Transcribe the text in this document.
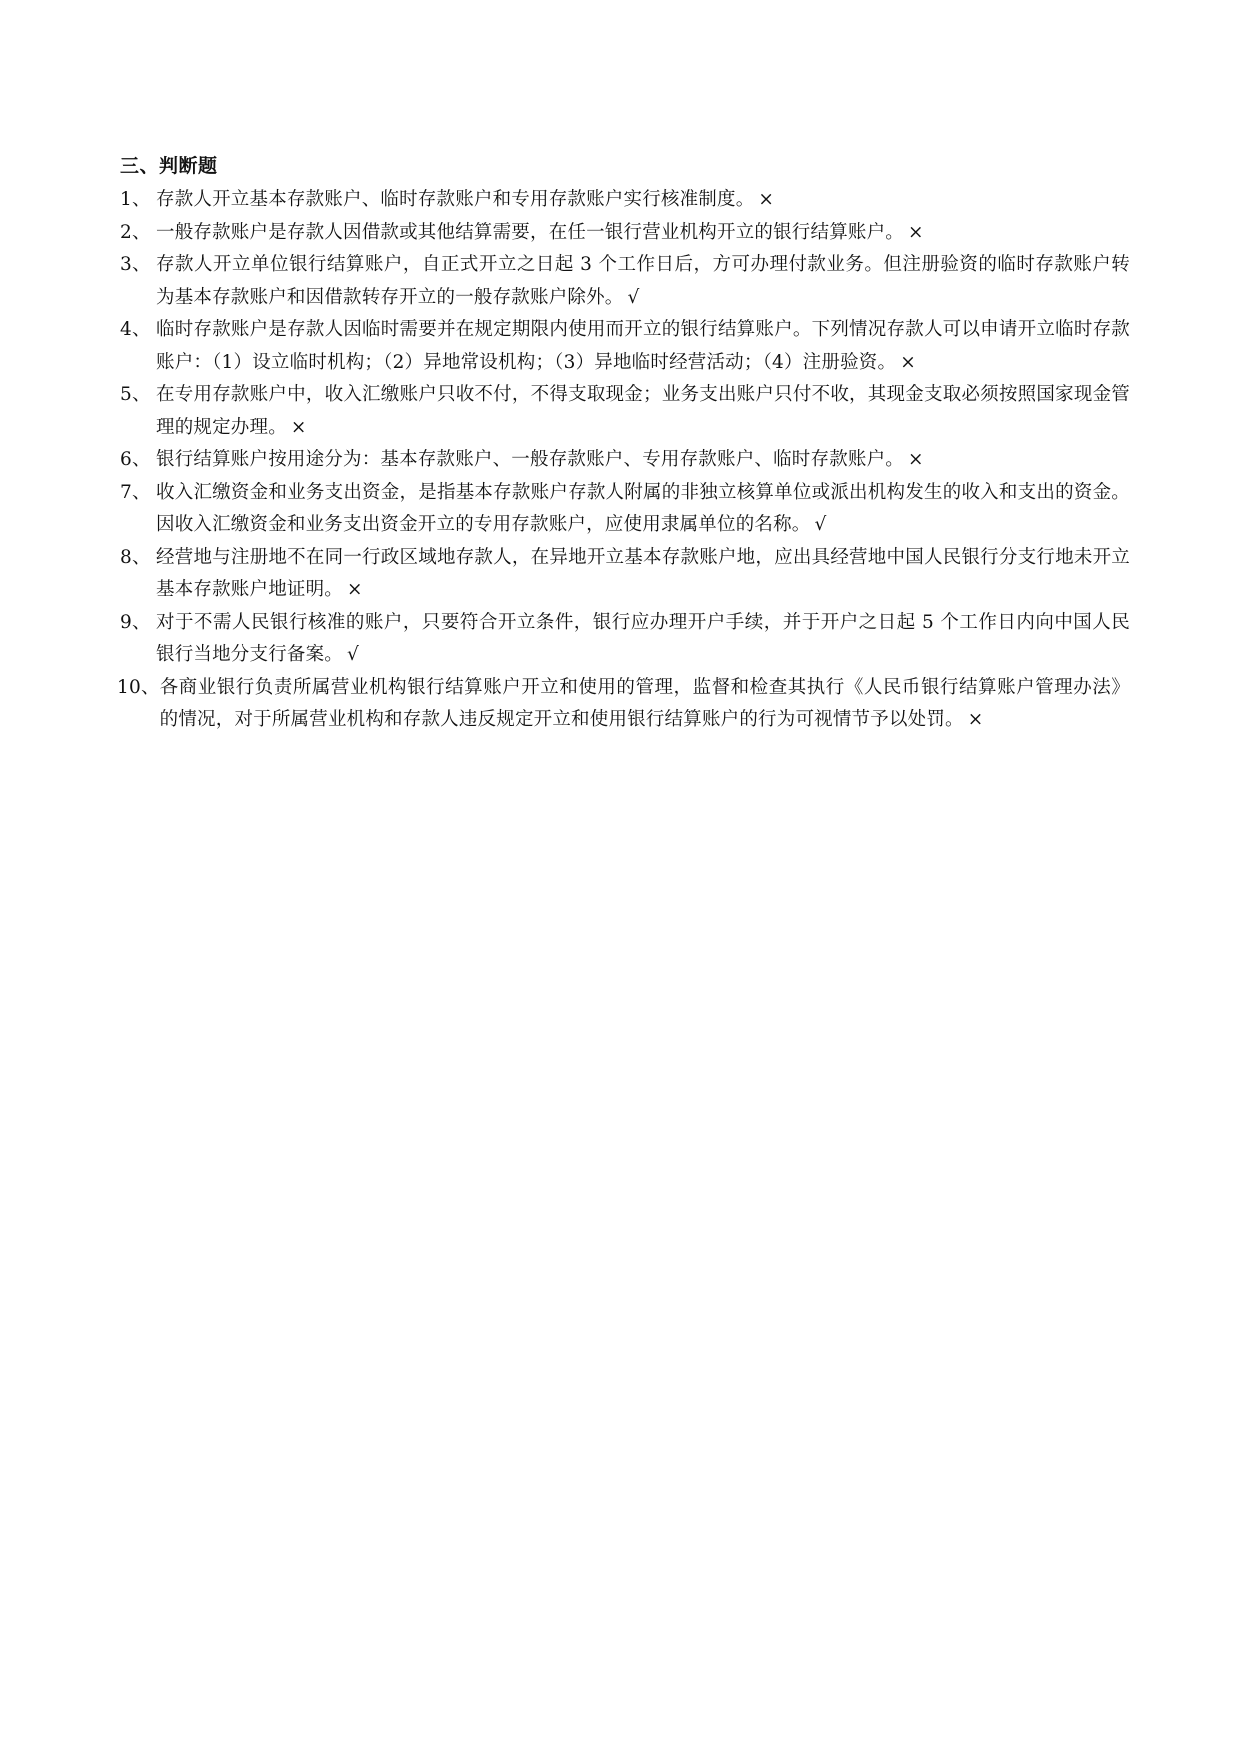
三、判断题
1、 存款人开立基本存款账户、临时存款账户和专用存款账户实行核准制度。 ×
2、 一般存款账户是存款人因借款或其他结算需要，在任一银行营业机构开立的银行结算账户。 ×
3、 存款人开立单位银行结算账户，自正式开立之日起 3 个工作日后，方可办理付款业务。但注册验资的临时存款账户转为基本存款账户和因借款转存开立的一般存款账户除外。 √
4、 临时存款账户是存款人因临时需要并在规定期限内使用而开立的银行结算账户。下列情况存款人可以申请开立临时存款账户：（1）设立临时机构；（2）异地常设机构；（3）异地临时经营活动；（4）注册验资。 ×
5、 在专用存款账户中，收入汇缴账户只收不付，不得支取现金；业务支出账户只付不收，其现金支取必须按照国家现金管理的规定办理。 ×
6、 银行结算账户按用途分为：基本存款账户、一般存款账户、专用存款账户、临时存款账户。 ×
7、 收入汇缴资金和业务支出资金，是指基本存款账户存款人附属的非独立核算单位或派出机构发生的收入和支出的资金。因收入汇缴资金和业务支出资金开立的专用存款账户，应使用隶属单位的名称。 √
8、 经营地与注册地不在同一行政区域地存款人，在异地开立基本存款账户地，应出具经营地中国人民银行分支行地未开立基本存款账户地证明。 ×
9、 对于不需人民银行核准的账户，只要符合开立条件，银行应办理开户手续，并于开户之日起 5 个工作日内向中国人民银行当地分支行备案。 √
10、 各商业银行负责所属营业机构银行结算账户开立和使用的管理，监督和检查其执行《人民币银行结算账户管理办法》的情况，对于所属营业机构和存款人违反规定开立和使用银行结算账户的行为可视情节予以处罚。 ×
